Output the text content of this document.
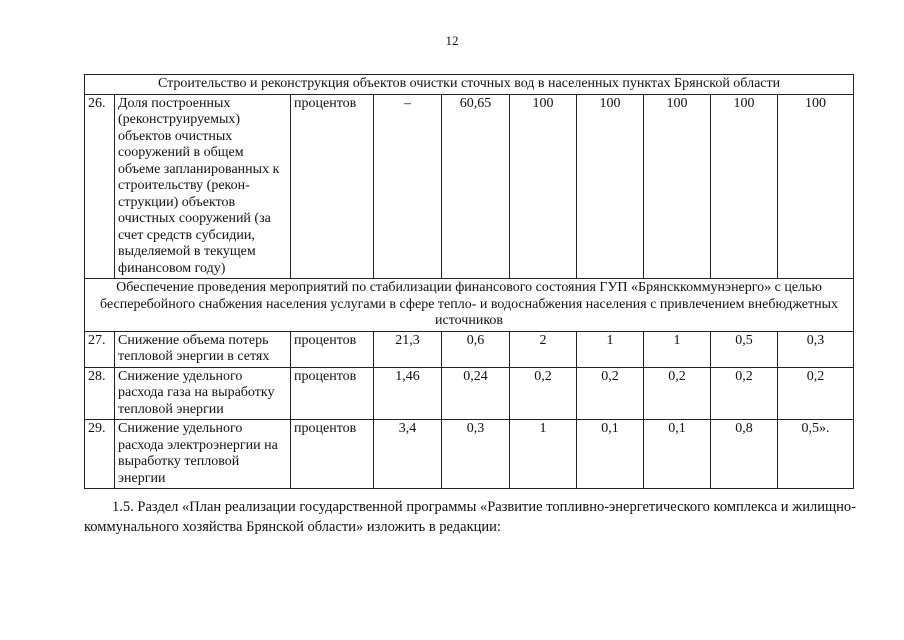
12
Строительство и реконструкция объектов очистки сточных вод в населенных пунктах Брянской области									
26.	Доля построенных (реконструируемых) объектов очистных сооружений в общем объеме запланированных к строительству (рекон-струкции) объектов очистных сооружений (за счет средств субсидии, выделяемой в текущем финансовом году)	процентов	–	60,65	100	100	100	100	100
Обеспечение проведения мероприятий по стабилизации финансового состояния ГУП «Брянсккоммунэнерго» с целью бесперебойного снабжения населения услугами в сфере тепло- и водоснабжения населения с привлечением внебюджетных источников									
27.	Снижение объема потерь тепловой энергии в сетях	процентов	21,3	0,6	2	1	1	0,5	0,3
28.	Снижение удельного расхода газа на выработку тепловой энергии	процентов	1,46	0,24	0,2	0,2	0,2	0,2	0,2
29.	Снижение удельного расхода электроэнергии на выработку тепловой энергии	процентов	3,4	0,3	1	0,1	0,1	0,8	0,5».
1.5. Раздел «План реализации государственной программы «Развитие топливно-энергетического комплекса и жилищно-коммунального хозяйства Брянской области» изложить в редакции:
